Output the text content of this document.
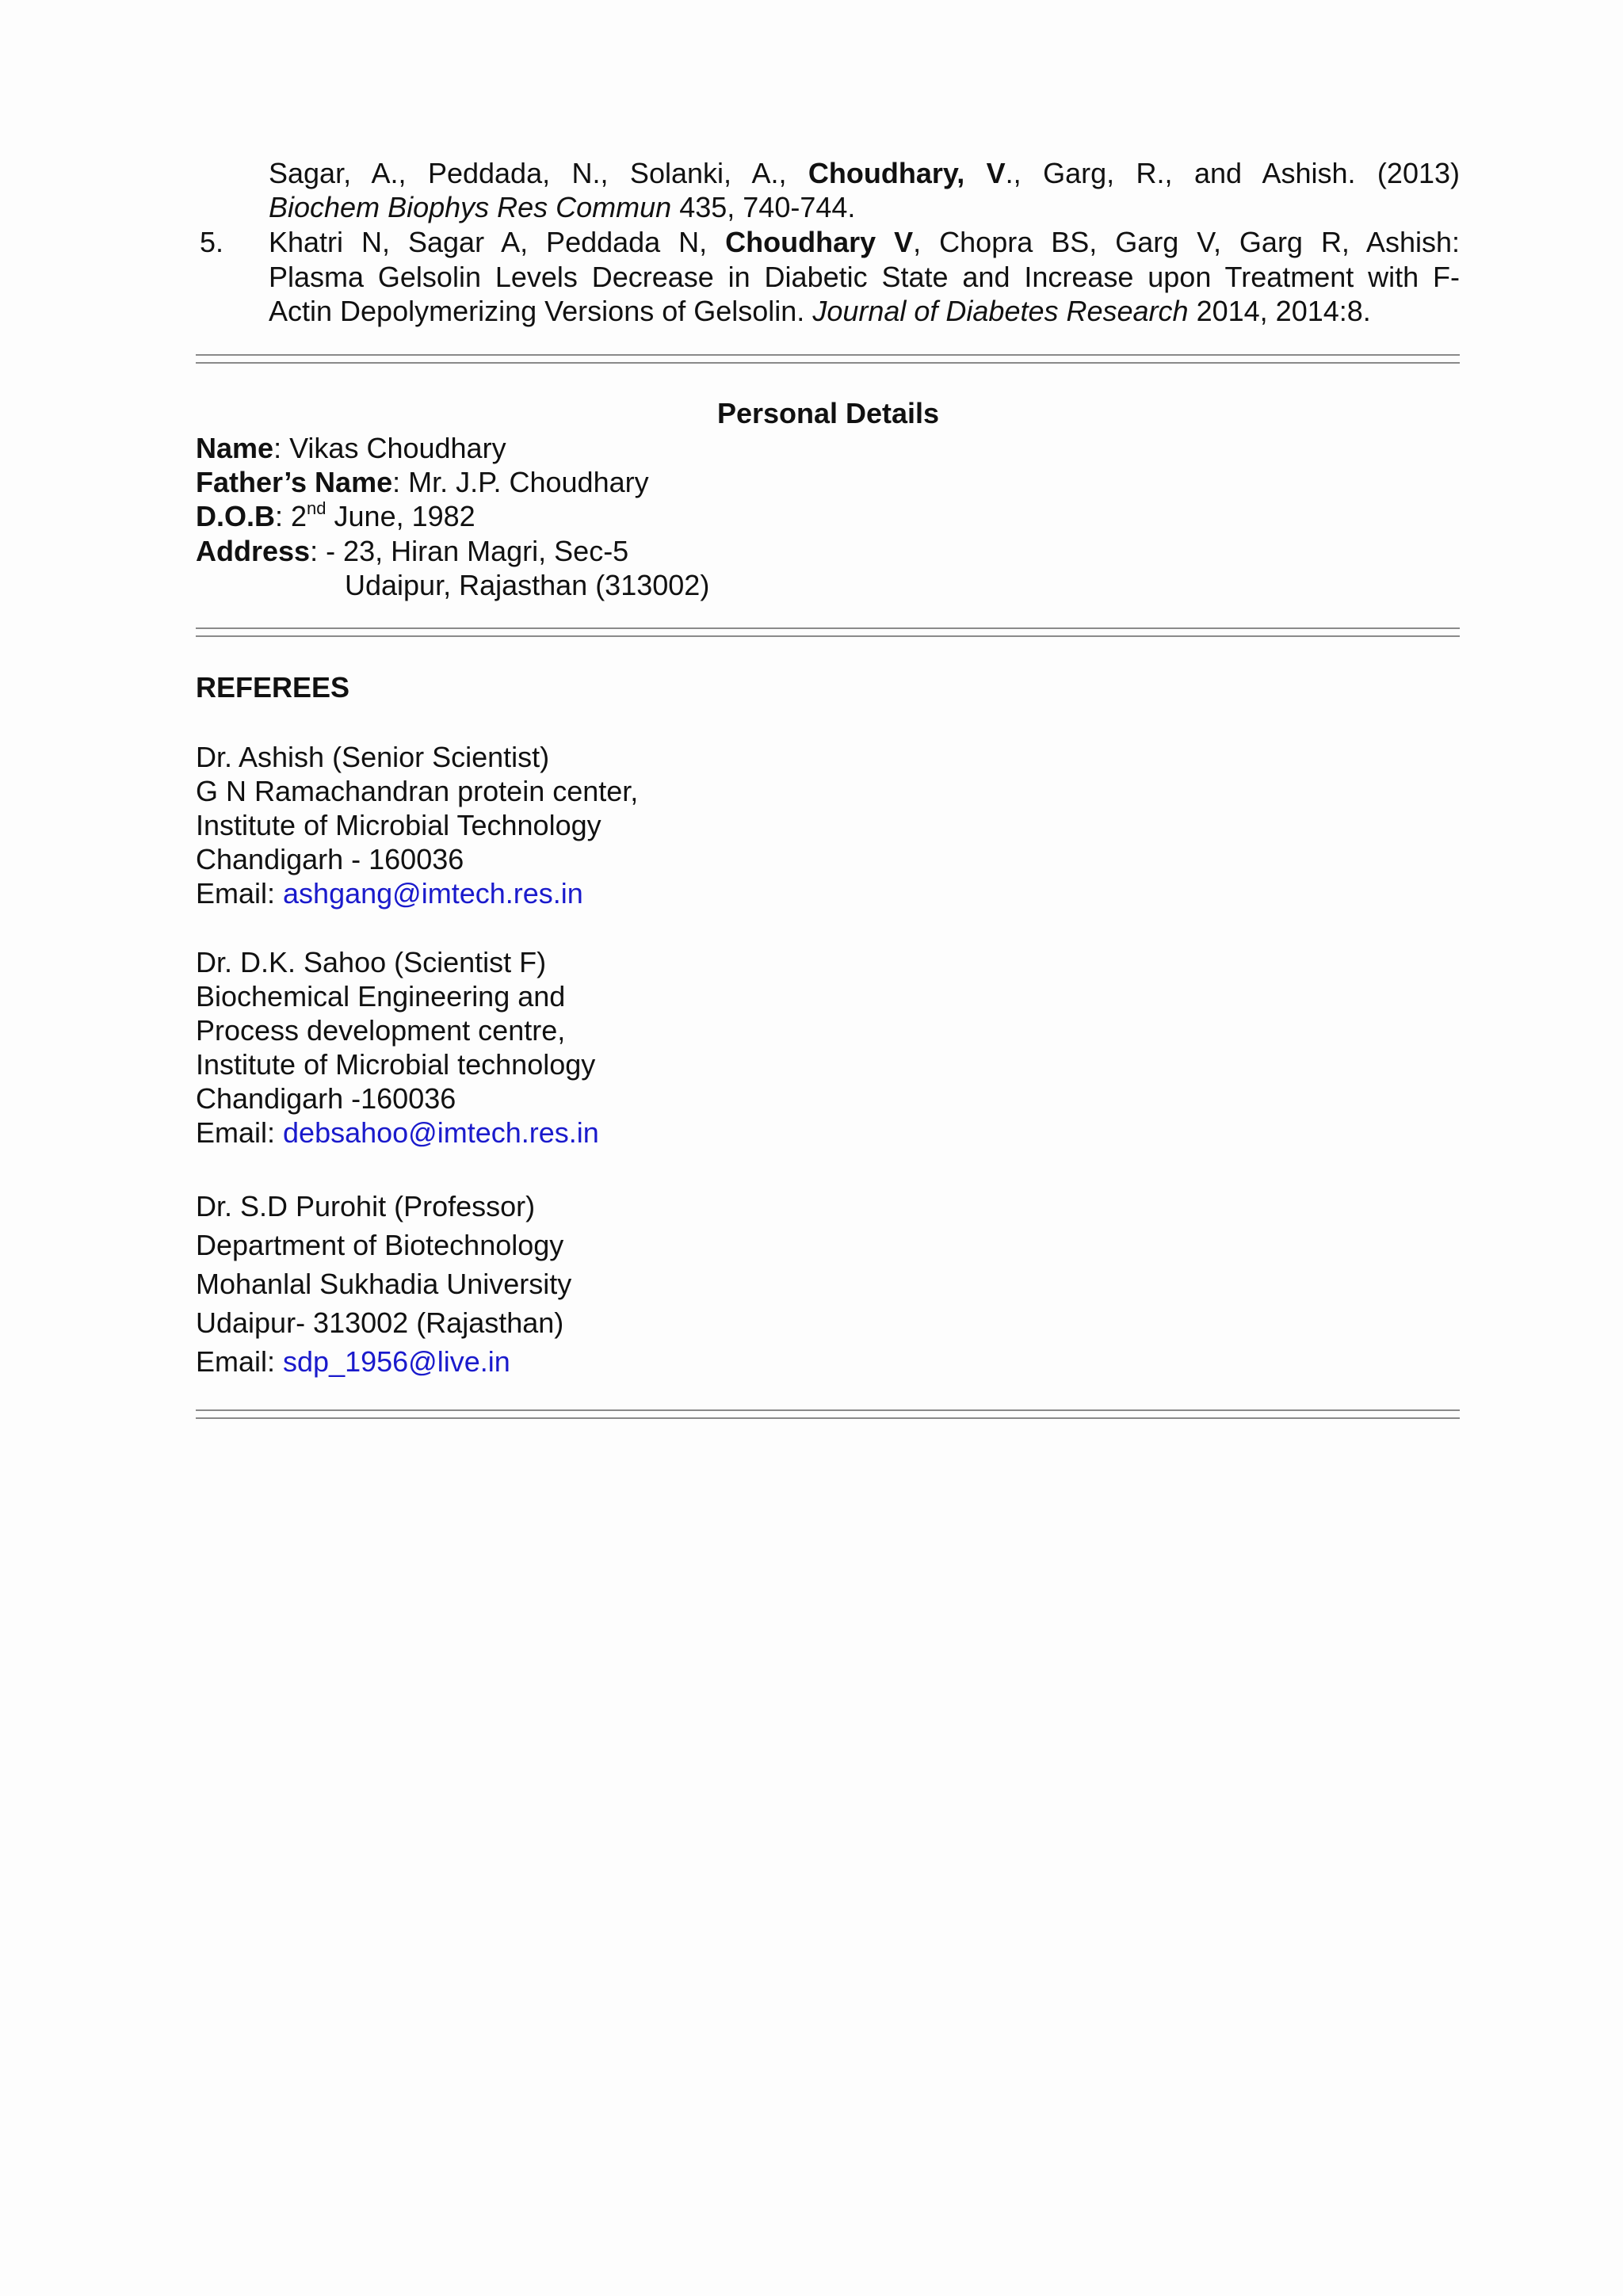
Sagar, A., Peddada, N., Solanki, A., Choudhary, V., Garg, R., and Ashish. (2013)
Biochem Biophys Res Commun 435, 740-744.
5. Khatri N, Sagar A, Peddada N, Choudhary V, Chopra BS, Garg V, Garg R, Ashish:
Plasma Gelsolin Levels Decrease in Diabetic State and Increase upon Treatment with F-
Actin Depolymerizing Versions of Gelsolin. Journal of Diabetes Research 2014, 2014:8.
Personal Details
Name: Vikas Choudhary
Father’s Name: Mr. J.P. Choudhary
D.O.B: 2nd June, 1982
Address: - 23, Hiran Magri, Sec-5
Udaipur, Rajasthan (313002)
REFEREES
Dr. Ashish (Senior Scientist)
G N Ramachandran protein center,
Institute of Microbial Technology
Chandigarh - 160036
Email: ashgang@imtech.res.in
Dr. D.K. Sahoo (Scientist F)
Biochemical Engineering and
Process development centre,
Institute of Microbial technology
Chandigarh -160036
Email: debsahoo@imtech.res.in
Dr. S.D Purohit (Professor)
Department of Biotechnology
Mohanlal Sukhadia University
Udaipur- 313002 (Rajasthan)
Email: sdp_1956@live.in
